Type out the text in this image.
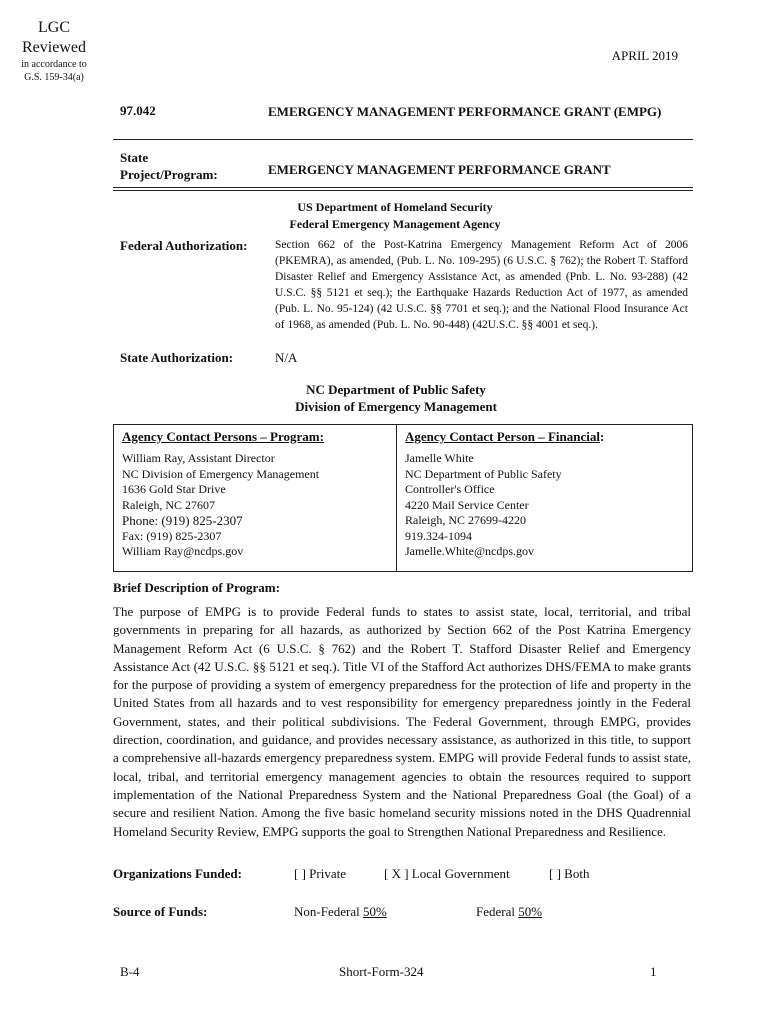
LGC
Reviewed
in accordance to
G.S. 159-34(a)
APRIL 2019
97.042	EMERGENCY MANAGEMENT PERFORMANCE GRANT (EMPG)
State
Project/Program:	EMERGENCY MANAGEMENT PERFORMANCE GRANT
US Department of Homeland Security
Federal Emergency Management Agency
Federal Authorization: Section 662 of the Post-Katrina Emergency Management Reform Act of 2006 (PKEMRA), as amended, (Pub. L. No. 109-295) (6 U.S.C. § 762); the Robert T. Stafford Disaster Relief and Emergency Assistance Act, as amended (Pnb. L. No. 93-288) (42 U.S.C. §§ 5121 et seq.); the Earthquake Hazards Reduction Act of 1977, as amended (Pub. L. No. 95-124) (42 U.S.C. §§ 7701 et seq.); and the National Flood Insurance Act of 1968, as amended (Pub. L. No. 90-448) (42U.S.C. §§ 4001 et seq.).
State Authorization:	N/A
NC Department of Public Safety
Division of Emergency Management
Agency Contact Persons – Program:
William Ray, Assistant Director
NC Division of Emergency Management
1636 Gold Star Drive
Raleigh, NC 27607
Phone: (919) 825-2307
Fax: (919) 825-2307
William Ray@ncdps.gov
Agency Contact Person – Financial:
Jamelle White
NC Department of Public Safety
Controller's Office
4220 Mail Service Center
Raleigh, NC 27699-4220
919.324-1094
Jamelle.White@ncdps.gov
Brief Description of Program:
The purpose of EMPG is to provide Federal funds to states to assist state, local, territorial, and tribal governments in preparing for all hazards, as authorized by Section 662 of the Post Katrina Emergency Management Reform Act (6 U.S.C. § 762) and the Robert T. Stafford Disaster Relief and Emergency Assistance Act (42 U.S.C. §§ 5121 et seq.). Title VI of the Stafford Act authorizes DHS/FEMA to make grants for the purpose of providing a system of emergency preparedness for the protection of life and property in the United States from all hazards and to vest responsibility for emergency preparedness jointly in the Federal Government, states, and their political subdivisions. The Federal Government, through EMPG, provides direction, coordination, and guidance, and provides necessary assistance, as authorized in this title, to support a comprehensive all-hazards emergency preparedness system. EMPG will provide Federal funds to assist state, local, tribal, and territorial emergency management agencies to obtain the resources required to support implementation of the National Preparedness System and the National Preparedness Goal (the Goal) of a secure and resilient Nation. Among the five basic homeland security missions noted in the DHS Quadrennial Homeland Security Review, EMPG supports the goal to Strengthen National Preparedness and Resilience.
Organizations Funded:	[ ] Private	[ X ] Local Government	[ ] Both
Source of Funds:	Non-Federal 50%	Federal 50%
B-4	Short-Form-324	1
